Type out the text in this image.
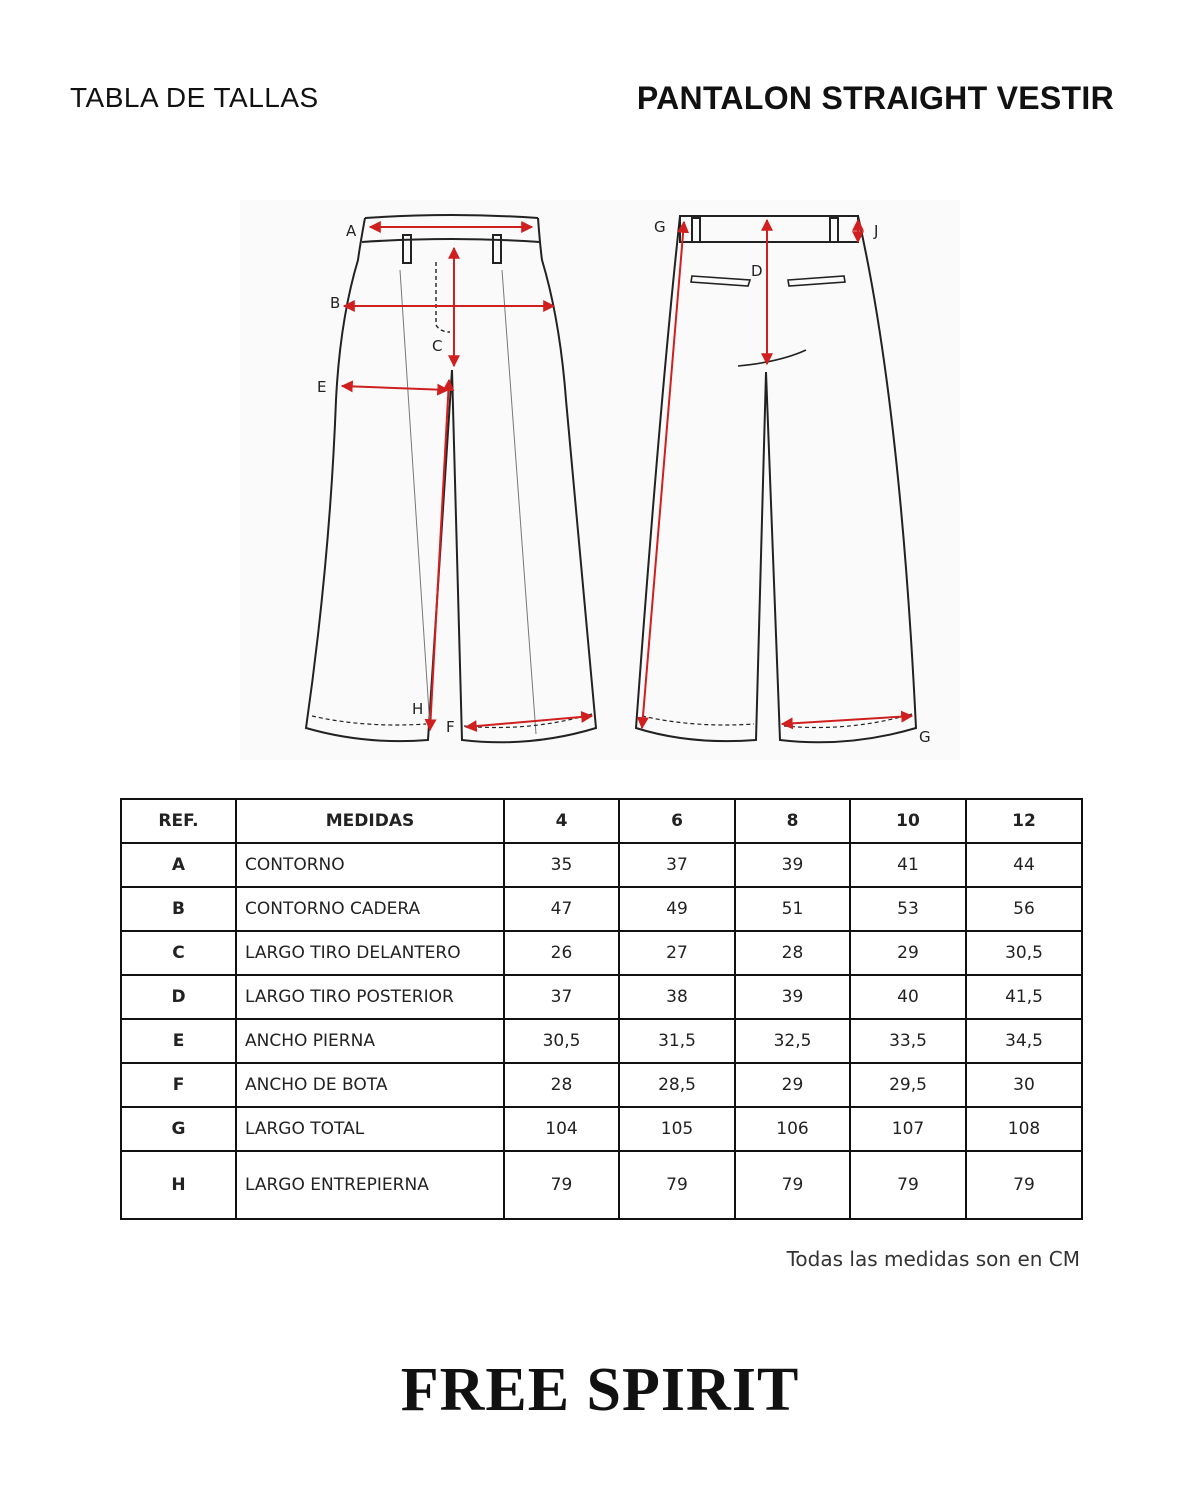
TABLA DE TALLAS	PANTALON STRAIGHT VESTIR
A
B
C
E
H
F
G
D
J
G
REF.	MEDIDAS	4	6	8	10	12
A	CONTORNO	35	37	39	41	44
B	CONTORNO CADERA	47	49	51	53	56
C	LARGO TIRO DELANTERO	26	27	28	29	30,5
D	LARGO TIRO POSTERIOR	37	38	39	40	41,5
E	ANCHO PIERNA	30,5	31,5	32,5	33,5	34,5
F	ANCHO DE BOTA	28	28,5	29	29,5	30
G	LARGO TOTAL	104	105	106	107	108
H	LARGO ENTREPIERNA	79	79	79	79	79
Todas las medidas son en CM
FREE SPIRIT
